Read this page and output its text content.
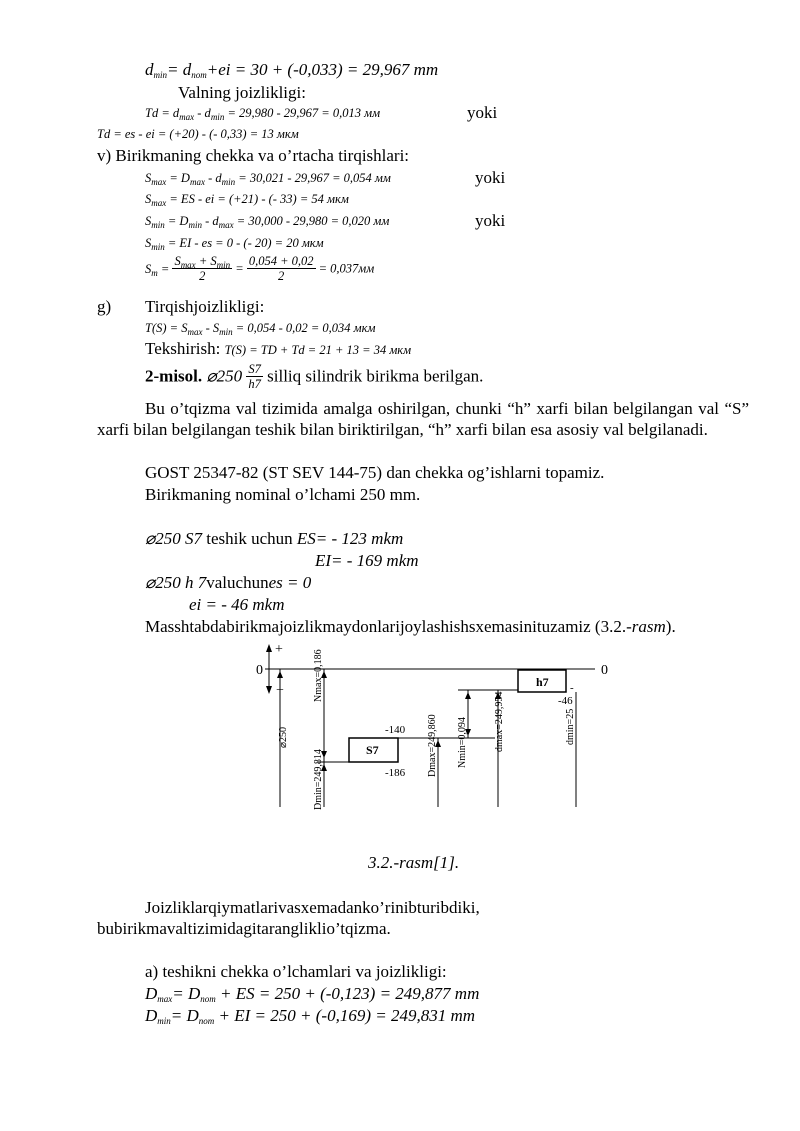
$d_{min}= d_{nom}+ei = 30 + (-0,033) = 29,967$ mm
Valning joizlikligi:
$Td = d_{max} - d_{min} = 29,980 - 29,967 = 0,013$ мм	yoki
Td = es - ei = (+20) - (- 0,33) = 13 мкм
v) Birikmaning chekka va o’rtacha tirqishlari:
$S_{max} = D_{max} - d_{min} = 30,021 - 29,967 = 0,054$ мм	yoki
$S_{max}$ = ES - ei = (+21) - (- 33) = 54 мкм
$S_{min} = D_{min} - d_{max} = 30,000 - 29,980 = 0,020$ мм	yoki
$S_{min}$ = EI - es = 0 - (- 20) = 20 мкм
$S_m = \frac{S_{max} + S_{min}}{2} = \frac{0,054 + 0,02}{2} = 0,037мм$
g) Tirqishjoizlikligi:
$T(S) = S_{max} - S_{min} = 0,054 - 0,02 = 0,034$ мкм
Tekshirish: T(S) = TD + Td = 21 + 13 = 34 мкм
2-misol. ⌀250 $\frac{S7}{h7}$ silliq silindrik birikma berilgan.
Bu o’tqizma val tizimida amalga oshirilgan, chunki “h” xarfi bilan belgilangan val “S” xarfi bilan belgilangan teshik bilan biriktirilgan, “h” xarfi bilan esa asosiy val belgilanadi.
GOST 25347-82 (ST SEV 144-75) dan chekka og’ishlarni topamiz.
Birikmaning nominal o’lchami 250 mm.
⌀250 S7 teshik uchun ES= - 123 mkm
EI= - 169 mkm
⌀250 h 7valuchunes = 0
ei = - 46 mkm
Masshtabdabirikmajoizlikmaydonlarijoylashishsxemasinituzamiz (3.2.-rasm).
0	0
+
+
h7
S7
-140
-186
-46
-
Nmax=0,186
⌀250
Dmin=249,814
Dmax=249,860 Nmin=0,094	dmax=249,954	dmin=25
3.2.-rasm[1].
Joizliklarqiymatlarivasxemadanko’rinibturibdiki,
bubirikmavaltizimidagitarangliklio’tqizma.
a) teshikni chekka o’lchamlari va joizlikligi:
$D_{max}= D_{nom}$ + ES = 250 + (-0,123) = 249,877 mm
$D_{min}= D_{nom}$ + EI = 250 + (-0,169) = 249,831 mm
